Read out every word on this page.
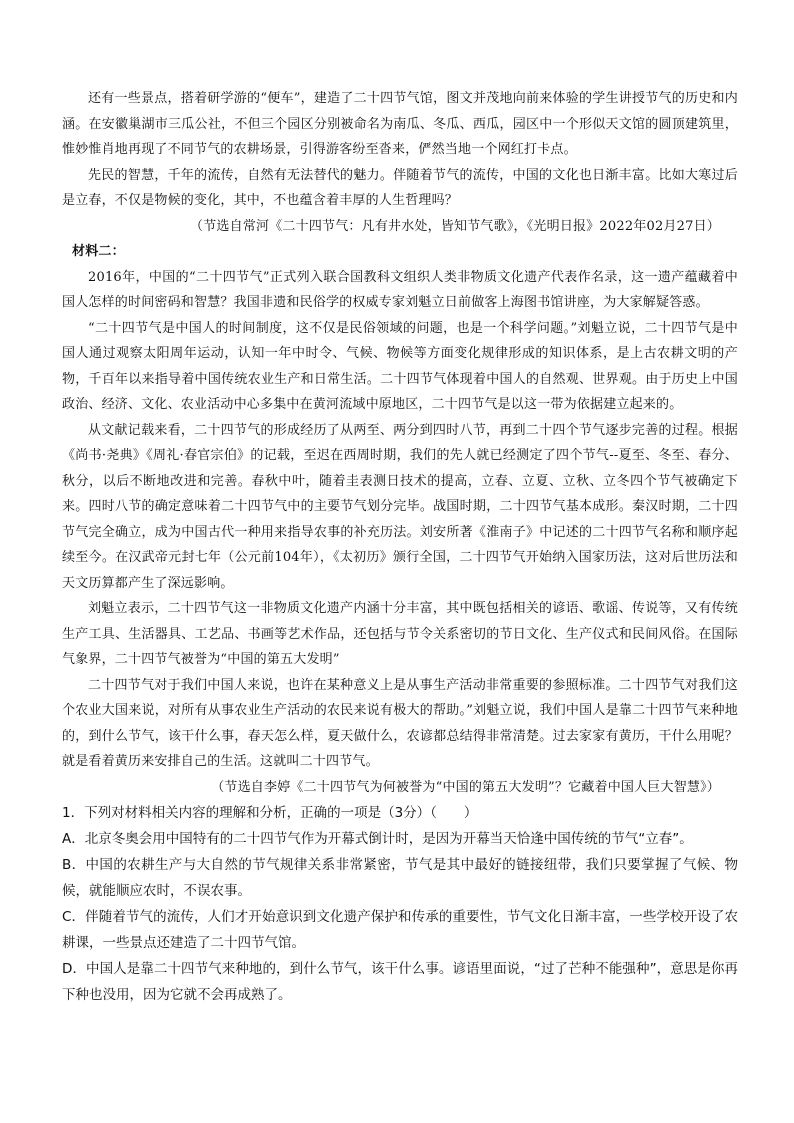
还有一些景点，搭着研学游的“便车”，建造了二十四节气馆，图文并茂地向前来体验的学生讲授节气的历史和内涵。在安徽巢湖市三瓜公社，不但三个园区分别被命名为南瓜、冬瓜、西瓜，园区中一个形似天文馆的圆顶建筑里，惟妙惟肖地再现了不同节气的农耕场景，引得游客纷至沓来，俨然当地一个网红打卡点。

先民的智慧，千年的流传，自然有无法替代的魅力。伴随着节气的流传，中国的文化也日渐丰富。比如大寒过后是立春，不仅是物候的变化，其中，不也蕴含着丰厚的人生哲理吗？

（节选自常河《二十四节气：凡有井水处，皆知节气歌》，《光明日报》2022年02月27日）

材料二：

2016年，中国的“二十四节气”正式列入联合国教科文组织人类非物质文化遗产代表作名录，这一遗产蕴藏着中国人怎样的时间密码和智慧？我国非遗和民俗学的权威专家刘魁立日前做客上海图书馆讲座，为大家解疑答惑。

“二十四节气是中国人的时间制度，这不仅是民俗领域的问题，也是一个科学问题。”刘魁立说，二十四节气是中国人通过观察太阳周年运动，认知一年中时令、气候、物候等方面变化规律形成的知识体系，是上古农耕文明的产物，千百年以来指导着中国传统农业生产和日常生活。二十四节气体现着中国人的自然观、世界观。由于历史上中国政治、经济、文化、农业活动中心多集中在黄河流域中原地区，二十四节气是以这一带为依据建立起来的。

从文献记载来看，二十四节气的形成经历了从两至、两分到四时八节，再到二十四个节气逐步完善的过程。根据《尚书·尧典》《周礼·春官宗伯》的记载，至迟在西周时期，我们的先人就已经测定了四个节气--夏至、冬至、春分、秋分，以后不断地改进和完善。春秋中叶，随着圭表测日技术的提高，立春、立夏、立秋、立冬四个节气被确定下来。四时八节的确定意味着二十四节气中的主要节气划分完毕。战国时期，二十四节气基本成形。秦汉时期，二十四节气完全确立，成为中国古代一种用来指导农事的补充历法。刘安所著《淮南子》中记述的二十四节气名称和顺序起续至今。在汉武帝元封七年（公元前104年），《太初历》颁行全国，二十四节气开始纳入国家历法，这对后世历法和天文历算都产生了深远影响。

刘魁立表示，二十四节气这一非物质文化遗产内涵十分丰富，其中既包括相关的谚语、歌谣、传说等，又有传统生产工具、生活器具、工艺品、书画等艺术作品，还包括与节令关系密切的节日文化、生产仪式和民间风俗。在国际气象界，二十四节气被誉为“中国的第五大发明”

二十四节气对于我们中国人来说，也许在某种意义上是从事生产活动非常重要的参照标准。二十四节气对我们这个农业大国来说，对所有从事农业生产活动的农民来说有极大的帮助。”刘魁立说，我们中国人是靠二十四节气来种地的，到什么节气，该干什么事，春天怎么样，夏天做什么，农谚都总结得非常清楚。过去家家有黄历，干什么用呢？就是看着黄历来安排自己的生活。这就叫二十四节气。

（节选自李婷《二十四节气为何被誉为“中国的第五大发明”？它藏着中国人巨大智慧》）

1．下列对材料相关内容的理解和分析，正确的一项是（3分）（　　）

A．北京冬奥会用中国特有的二十四节气作为开幕式倒计时，是因为开幕当天恰逢中国传统的节气“立春”。

B．中国的农耕生产与大自然的节气规律关系非常紧密，节气是其中最好的链接纽带，我们只要掌握了气候、物候，就能顺应农时，不误农事。

C．伴随着节气的流传，人们才开始意识到文化遗产保护和传承的重要性，节气文化日渐丰富，一些学校开设了农耕课，一些景点还建造了二十四节气馆。

D．中国人是靠二十四节气来种地的，到什么节气，该干什么事。谚语里面说，“过了芒种不能强种”，意思是你再下种也没用，因为它就不会再成熟了。
